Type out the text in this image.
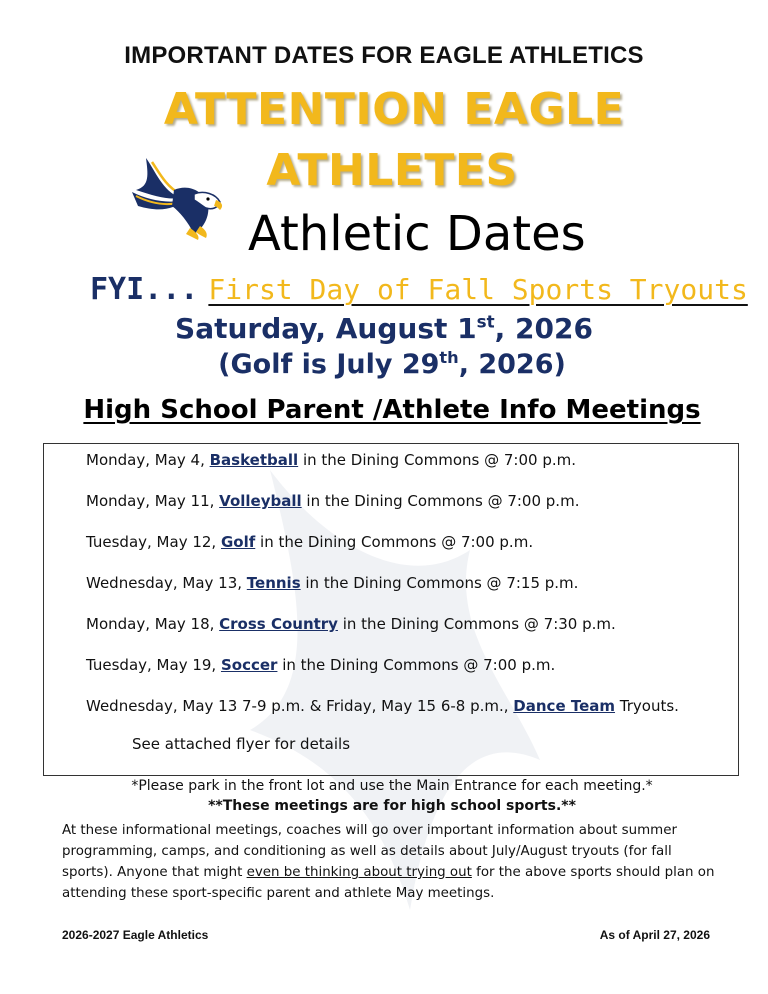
IMPORTANT DATES FOR EAGLE ATHLETICS
ATTENTION EAGLE
ATHLETES
Athletic Dates
FYI... First Day of Fall Sports Tryouts
Saturday, August 1st, 2026
(Golf is July 29th, 2026)
High School Parent /Athlete Info Meetings
Monday, May 4, Basketball in the Dining Commons @ 7:00 p.m.
Monday, May 11, Volleyball in the Dining Commons @ 7:00 p.m.
Tuesday, May 12, Golf in the Dining Commons @ 7:00 p.m.
Wednesday, May 13, Tennis in the Dining Commons @ 7:15 p.m.
Monday, May 18, Cross Country in the Dining Commons @ 7:30 p.m.
Tuesday, May 19, Soccer in the Dining Commons @ 7:00 p.m.
Wednesday, May 13 7-9 p.m. & Friday, May 15 6-8 p.m., Dance Team Tryouts.
See attached flyer for details
*Please park in the front lot and use the Main Entrance for each meeting.*
**These meetings are for high school sports.**
At these informational meetings, coaches will go over important information about summer programming, camps, and conditioning as well as details about July/August tryouts (for fall sports). Anyone that might even be thinking about trying out for the above sports should plan on attending these sport-specific parent and athlete May meetings.
2026-2027 Eagle Athletics	As of April 27, 2026
